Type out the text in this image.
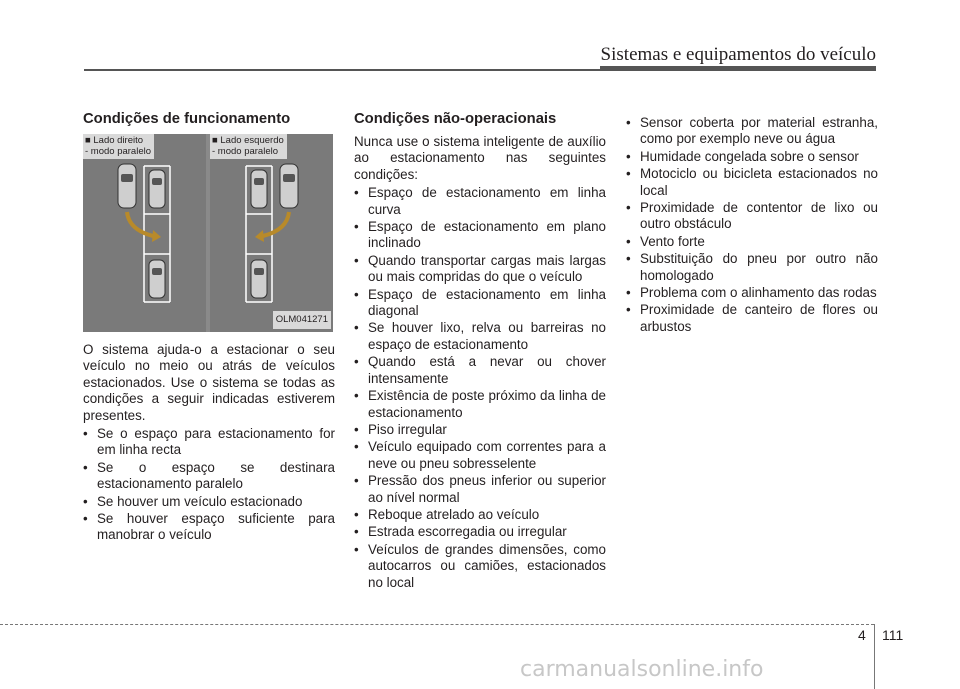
Sistemas e equipamentos do veículo
Condições de funcionamento
■ Lado direito
- modo paralelo
■ Lado esquerdo
- modo paralelo
OLM041271

O sistema ajuda-o a estacionar o seu veículo no meio ou atrás de veículos estacionados. Use o sistema se todas as condições a seguir indicadas estiverem presentes.

• Se o espaço para estacionamento for em linha recta
• Se o espaço se destinara estacionamento paralelo
• Se houver um veículo estacionado
• Se houver espaço suficiente para manobrar o veículo
Condições não-operacionais

Nunca use o sistema inteligente de auxílio ao estacionamento nas seguintes condições:

• Espaço de estacionamento em linha curva
• Espaço de estacionamento em plano inclinado
• Quando transportar cargas mais largas ou mais compridas do que o veículo
• Espaço de estacionamento em linha diagonal
• Se houver lixo, relva ou barreiras no espaço de estacionamento
• Quando está a nevar ou chover intensamente
• Existência de poste próximo da linha de estacionamento
• Piso irregular
• Veículo equipado com correntes para a neve ou pneu sobresselente
• Pressão dos pneus inferior ou superior ao nível normal
• Reboque atrelado ao veículo
• Estrada escorregadia ou irregular
• Veículos de grandes dimensões, como autocarros ou camiões, estacionados no local
• Sensor coberta por material estranha, como por exemplo neve ou água
• Humidade congelada sobre o sensor
• Motociclo ou bicicleta estacionados no local
• Proximidade de contentor de lixo ou outro obstáculo
• Vento forte
• Substituição do pneu por outro não homologado
• Problema com o alinhamento das rodas
• Proximidade de canteiro de flores ou arbustos
4 111
carmanualsonline.info
